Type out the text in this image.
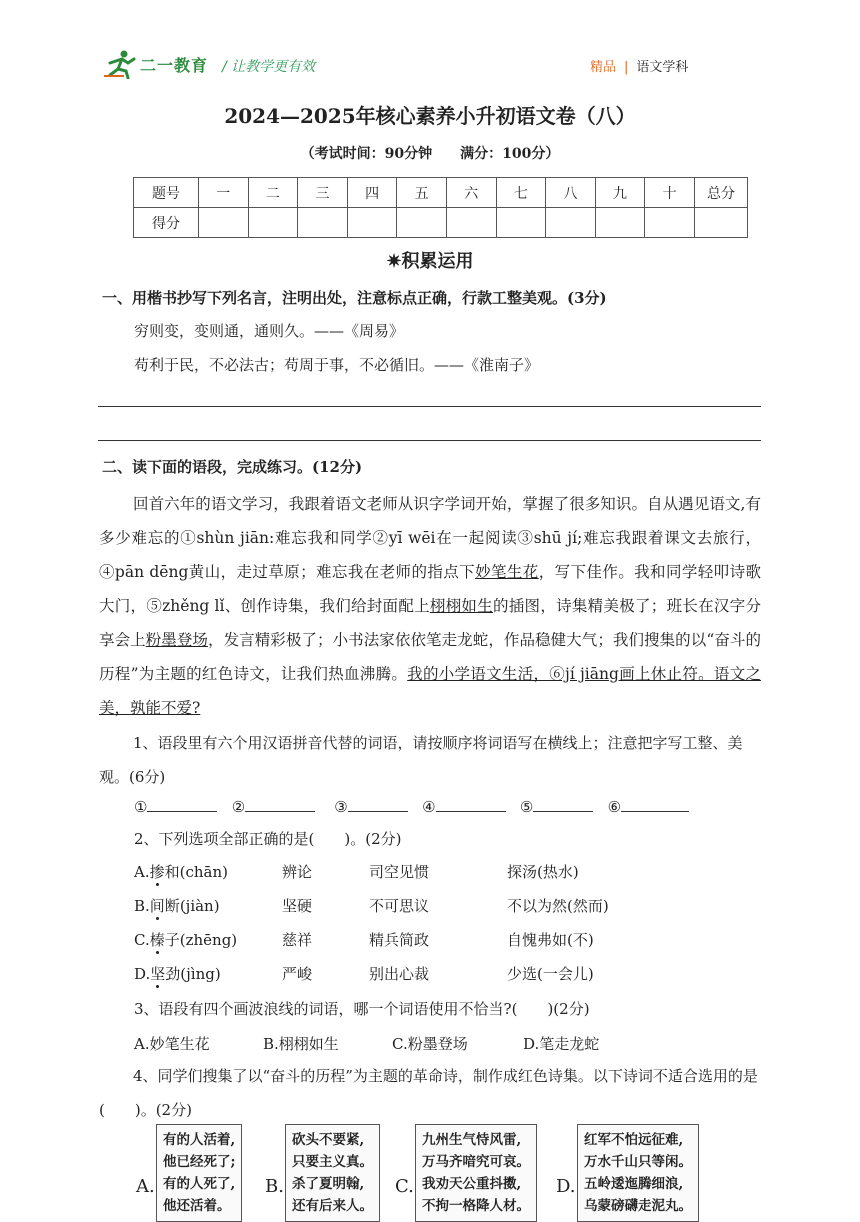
二一教育 / 让教学更有效	精品 | 语文学科
2024—2025年核心素养小升初语文卷（八）
（考试时间：90分钟　　满分：100分）
题号	一	二	三	四	五	六	七	八	九	十	总分
得分											
✷积累运用
一、用楷书抄写下列名言，注明出处，注意标点正确，行款工整美观。(3分)
穷则变，变则通，通则久。——《周易》
苟利于民，不必法古；苟周于事，不必循旧。——《淮南子》
二、读下面的语段，完成练习。(12分)
回首六年的语文学习，我跟着语文老师从识字学词开始，掌握了很多知识。自从遇见语文,有多少难忘的①shùn jiān:难忘我和同学②yī wēi在一起阅读③shū jí;难忘我跟着课文去旅行，④pān dēng黄山，走过草原；难忘我在老师的指点下妙笔生花，写下佳作。我和同学轻叩诗歌大门，⑤zhěng lǐ、创作诗集，我们给封面配上栩栩如生的插图，诗集精美极了；班长在汉字分享会上粉墨登场，发言精彩极了；小书法家依依笔走龙蛇，作品稳健大气；我们搜集的以“奋斗的历程”为主题的红色诗文，让我们热血沸腾。我的小学语文生活，⑥jí jiāng画上休止符。语文之美，孰能不爱?
1、语段里有六个用汉语拼音代替的词语，请按顺序将词语写在横线上；注意把字写工整、美观。(6分)
①	②	③	④	⑤	⑥
2、下列选项全部正确的是(　　)。(2分)
A.掺和(chān)	辨论	司空见惯	探汤(热水)
B.间断(jiàn)	坚硬	不可思议	不以为然(然而)
C.榛子(zhēng)	慈祥	精兵简政	自愧弗如(不)
D.坚劲(jìng)	严峻	别出心裁	少选(一会儿)
3、语段有四个画波浪线的词语，哪一个词语使用不恰当?(　　)(2分)
A.妙笔生花	B.栩栩如生	C.粉墨登场	D.笔走龙蛇
4、同学们搜集了以“奋斗的历程”为主题的革命诗，制作成红色诗集。以下诗词不适合选用的是(　　)。(2分)
A.
有的人活着,
他已经死了;
有的人死了,
他还活着。
B.
砍头不要紧,
只要主义真。
杀了夏明翰,
还有后来人。
C.
九州生气恃风雷,
万马齐喑究可哀。
我劝天公重抖擞,
不拘一格降人材。
D.
红军不怕远征难,
万水千山只等闲。
五岭逶迤腾细浪,
乌蒙磅礴走泥丸。
